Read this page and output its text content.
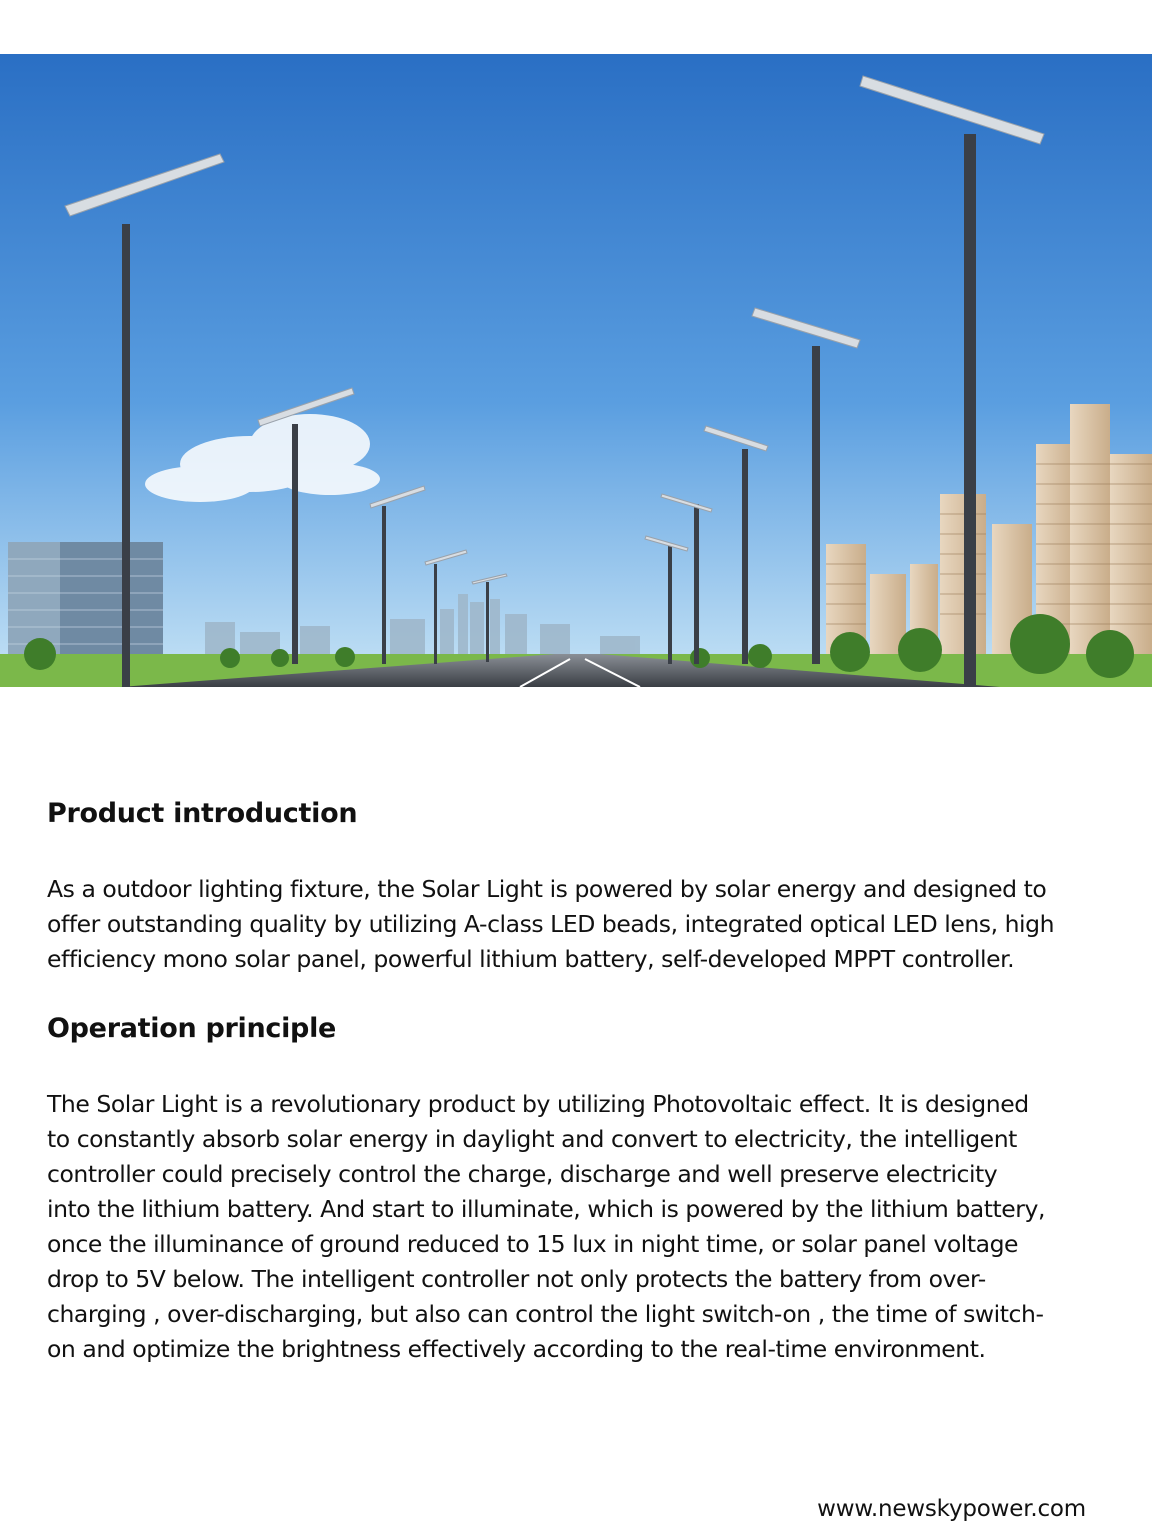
Product introduction

As a outdoor lighting fixture, the Solar Light is powered by solar energy and designed to
offer outstanding quality by utilizing A-class LED beads, integrated optical LED lens, high
efficiency mono solar panel, powerful lithium battery, self-developed MPPT controller.

Operation principle

The Solar Light is a revolutionary product by utilizing Photovoltaic effect. It is designed
to constantly absorb solar energy in daylight and convert to electricity, the intelligent
controller could precisely control the charge, discharge and well preserve electricity
into the lithium battery. And start to illuminate, which is powered by the lithium battery,
once the illuminance of ground reduced to 15 lux in night time, or solar panel voltage
drop to 5V below. The intelligent controller not only protects the battery from over-
charging , over-discharging, but also can control the light switch-on , the time of switch-
on and optimize the brightness effectively according to the real-time environment.

www.newskypower.com
